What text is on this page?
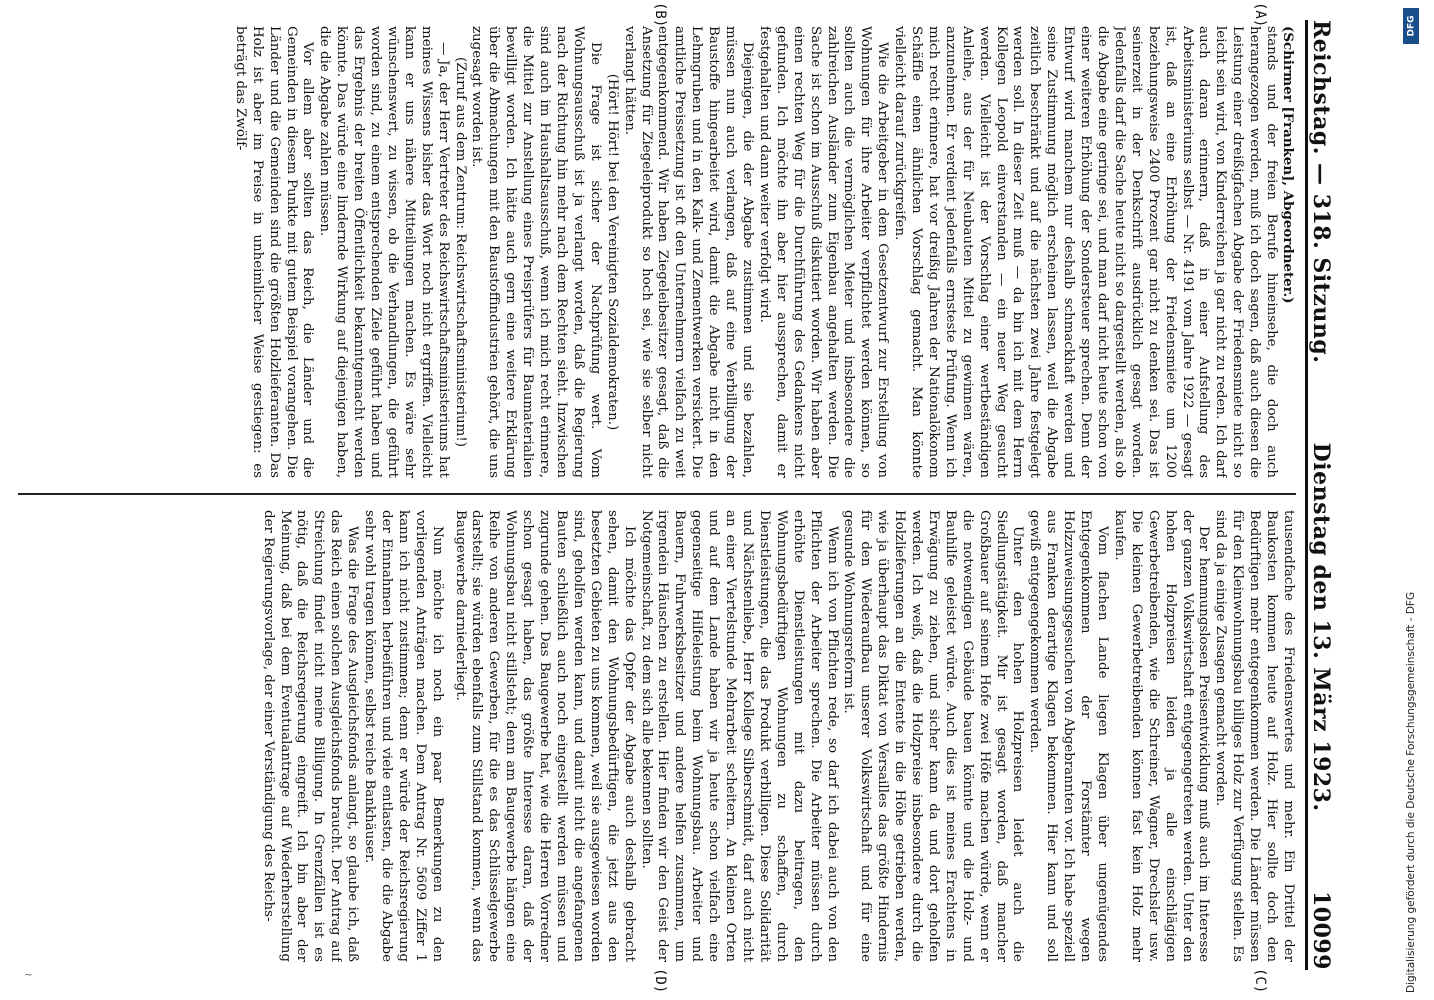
Reichstag. — 318. Sitzung.
Dienstag den 13. März 1923.
10099
(A)
(B)
(C)
(D)

(Schirmer [Franken], Abgeordneter.)

stands und der freien Berufe hineinsehe, die doch auch herangezogen werden, muß ich doch sagen, daß auch diesen die Leistung einer dreißigfachen Abgabe der Friedensmiete nicht so leicht sein wird, von Kinderreichen ja gar nicht zu reden. Ich darf auch daran erinnern, daß in einer Aufstellung des Arbeitsministeriums selbst — Nr. 4191 vom Jahre 1922 — gesagt ist, daß an eine Erhöhung der Friedensmiete um 1200 beziehungsweise 2400 Prozent gar nicht zu denken sei. Das ist seinerzeit in der Denkschrift ausdrücklich gesagt worden. Jedenfalls darf die Sache heute nicht so dargestellt werden, als ob die Abgabe eine geringe sei, und man darf nicht heute schon von einer weiteren Erhöhung der Sondersteuer sprechen. Denn der Entwurf wird manchem nur deshalb schmackhaft werden und seine Zustimmung möglich erscheinen lassen, weil die Abgabe zeitlich beschränkt und auf die nächsten zwei Jahre festgelegt werden soll. In dieser Zeit muß — da bin ich mit dem Herrn Kollegen Leopold einverstanden — ein neuer Weg gesucht werden. Vielleicht ist der Vorschlag einer wertbeständigen Anleihe, aus der für Neubauten Mittel zu gewinnen wären, anzunehmen. Er verdient jedenfalls ernsteste Prüfung. Wenn ich mich recht erinnere, hat vor dreißig Jahren der Nationalökonom Schäffle einen ähnlichen Vorschlag gemacht. Man könnte vielleicht darauf zurückgreifen.

Wie die Arbeitgeber in dem Gesetzentwurf zur Erstellung von Wohnungen für ihre Arbeiter verpflichtet werden können, so sollten auch die vermöglichen Mieter und insbesondere die zahlreichen Ausländer zum Eigenbau angehalten werden. Die Sache ist schon im Ausschuß diskutiert worden. Wir haben aber einen rechten Weg für die Durchführung des Gedankens nicht gefunden. Ich möchte ihn aber hier aussprechen, damit er festgehalten und dann weiter verfolgt wird.

Diejenigen, die der Abgabe zustimmen und sie bezahlen, müssen nun auch verlangen, daß auf eine Verbilligung der Baustoffe hingearbeitet wird, damit die Abgabe nicht in den Lehmgruben und in den Kalk- und Zementwerken versickert. Die amtliche Preissetzung ist oft den Unternehmern vielfach zu weit entgegenkommend. Wir haben Ziegeleibesitzer gesagt, daß die Ansetzung für Ziegeleiprodukt so hoch sei, wie sie selber nicht verlangt hätten.

(Hört! Hört! bei den Vereinigten Sozialdemokraten.)

Die Frage ist sicher der Nachprüfung wert. Vom Wohnungsausschuß ist ja verlangt worden, daß die Regierung nach der Richtung hin mehr nach dem Rechten sieht. Inzwischen sind auch im Haushaltsausschuß, wenn ich mich recht erinnere, die Mittel zur Anstellung eines Preisprüfers für Baumaterialien bewilligt worden. Ich hätte auch gern eine weitere Erklärung über die Abmachungen mit den Baustoffindustrien gehört, die uns zugesagt worden ist.

(Zuruf aus dem Zentrum: Reichswirtschaftsministerium!)

— Ja, der Herr Vertreter des Reichswirtschaftsministeriums hat meines Wissens bisher das Wort noch nicht ergriffen. Vielleicht kann er uns nähere Mitteilungen machen. Es wäre sehr wünschenswert, zu wissen, ob die Verhandlungen, die geführt worden sind, zu einem entsprechenden Ziele geführt haben und das Ergebnis der breiten Öffentlichkeit bekanntgemacht werden könnte. Das würde eine lindernde Wirkung auf diejenigen haben, die die Abgabe zahlen müssen.

Vor allem aber sollten das Reich, die Länder und die Gemeinden in diesem Punkte mit gutem Beispiel vorangehen. Die Länder und die Gemeinden sind die größten Holzlieferanten. Das Holz ist aber im Preise in unheimlicher Weise gestiegen: es beträgt das Zwölf-

tausendfache des Friedenswertes und mehr. Ein Drittel der Baukosten kommen heute auf Holz. Hier sollte doch den Bedürftigen mehr entgegenkommen werden. Die Länder müssen für den Kleinwohnungsbau billiges Holz zur Verfügung stellen. Es sind da ja einige Zusagen gemacht worden.

Der hemmungslosen Preisentwicklung muß auch im Interesse der ganzen Volkswirtschaft entgegengetreten werden. Unter den hohen Holzpreisen leiden ja alle einschlägigen Gewerbetreibenden, wie die Schreiner, Wagner, Drechsler usw. Die kleinen Gewerbetreibenden können fast kein Holz mehr kaufen.

Vom flachen Lande liegen Klagen über ungenügendes Entgegenkommen der Forstämter wegen Holzzuweisungsgesuchen von Abgebrannten vor. Ich habe speziell aus Franken derartige Klagen bekommen. Hier kann und soll gewiß entgegengekommen werden.

Unter den hohen Holzpreisen leidet auch die Siedlungstätigkeit. Mir ist gesagt worden, daß mancher Großbauer auf seinem Hofe zwei Höfe machen würde, wenn er die notwendigen Gebäude bauen könnte und die Holz- und Bauhilfe geleistet würde. Auch dies ist meines Erachtens in Erwägung zu ziehen, und sicher kann da und dort geholfen werden. Ich weiß, daß die Holzpreise insbesondere durch die Holzlieferungen an die Entente in die Höhe getrieben werden, wie ja überhaupt das Diktat von Versailles das größte Hindernis für den Wiederaufbau unserer Volkswirtschaft und für eine gesunde Wohnungsreform ist.

Wenn ich von Pflichten rede, so darf ich dabei auch von den Pflichten der Arbeiter sprechen. Die Arbeiter müssen durch erhöhte Dienstleistungen mit dazu beitragen, den Wohnungsbedürftigen Wohnungen zu schaffen, durch Dienstleistungen, die das Produkt verbilligen. Diese Solidarität und Nächstenliebe, Herr Kollege Silberschmidt, darf auch nicht an einer Viertelstunde Mehrarbeit scheitern. An kleinen Orten und auf dem Lande haben wir ja heute schon vielfach eine gegenseitige Hilfeleistung beim Wohnungsbau. Arbeiter und Bauern, Fuhrwerksbesitzer und andere helfen zusammen, um irgendein Häuschen zu erstellen. Hier finden wir den Geist der Notgemeinschaft, zu dem sich alle bekennen sollten.

Ich möchte das Opfer der Abgabe auch deshalb gebracht sehen, damit den Wohnungsbedürftigen, die jetzt aus den besetzten Gebieten zu uns kommen, weil sie ausgewiesen worden sind, geholfen werden kann, und damit nicht die angefangenen Bauten schließlich auch noch eingestellt werden müssen und zugrunde gehen. Das Baugewerbe hat, wie die Herren Vorredner schon gesagt haben, das größte Interesse daran, daß der Wohnungsbau nicht stillsteht; denn am Baugewerbe hängen eine Reihe von anderen Gewerben, für die es das Schlüsselgewerbe darstellt; sie würden ebenfalls zum Stillstand kommen, wenn das Baugewerbe darniederliegt.

Nun möchte ich noch ein paar Bemerkungen zu den vorliegenden Anträgen machen. Dem Antrag Nr. 5609 Ziffer 1 kann ich nicht zustimmen; denn er würde der Reichsregierung der Einnahmen herbeiführen und viele entlasten, die die Abgabe sehr wohl tragen können, selbst reiche Bankhäuser.

Was die Frage des Ausgleichsfonds anlangt, so glaube ich, daß das Reich einen solchen Ausgleichsfonds braucht. Der Antrag auf Streichung findet nicht meine Billigung. In Grenzfällen ist es nötig, daß die Reichsregierung eingreift. Ich bin aber der Meinung, daß bei dem Eventualantrage auf Wiederherstellung der Regierungsvorlage, der einer Verständigung des Reichs-

DFG
Digitalisierung gefördert durch die Deutsche Forschungsgemeinschaft - DFG
~
